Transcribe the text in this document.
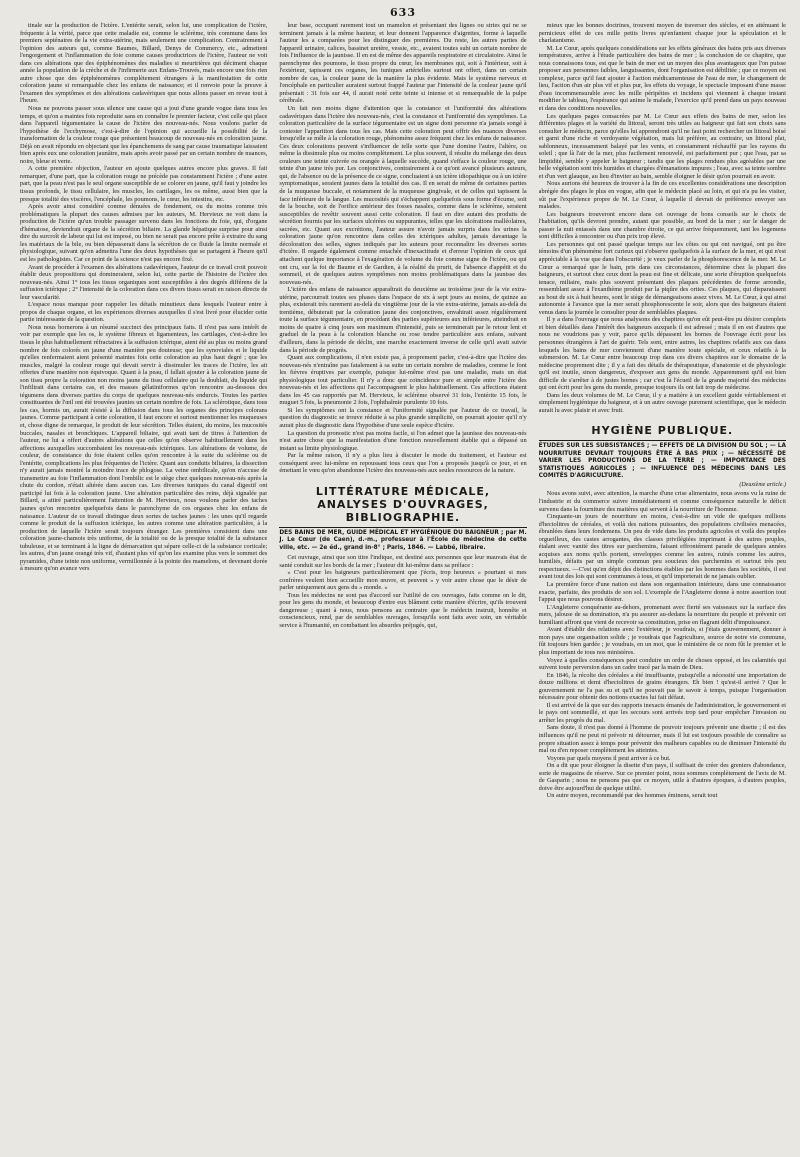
633

tinale sur la production de l'ictère. L'entérite serait, selon lui, une complication de l'ictère, fréquente à la vérité, parce que cette maladie est, comme le sclérème, très commune dans les premiers septénaires de la vie extra-utérine, mais seulement une complication. Contrairement à l'opinion des auteurs qui, comme Baumes, Billard, Denys de Commercy, etc., admettent l'engorgement et l'inflammation du foie comme causes productrices de l'ictère, l'auteur ne voit dans ces altérations que des épiphénomènes des maladies si meurtrières qui déciment chaque année la population de la crèche et de l'infirmerie aux Enfans-Trouvés, mais encore une fois rien autre chose que des épiphénomènes complètement étrangers à la manifestation de cette coloration jaune si remarquable chez les enfans de naissance; et il renvoie pour la preuve à l'examen des symptômes et des altérations cadavériques que nous allons passer en revue tout à l'heure.

Nous ne pouvons passer sous silence une cause qui a joui d'une grande vogue dans tous les temps, et qu'on a maintes fois reproduite sans en connaître le premier facteur, c'est celle qui place dans l'appareil tégumentaire la cause de l'ictère des nouveau-nés. Nous voulons parler de l'hypothèse de l'ecchymose, c'est-à-dire de l'opinion qui accueille la possibilité de la transformation de la couleur rouge que présentent beaucoup de nouveau-nés en coloration jaune. Déjà on avait répondu en objectant que les épanchemens de sang par cause traumatique laissaient bien après eux une coloration jaunâtre, mais après avoir passé par un certain nombre de nuances, noire, bleue et verte.

A cette première objection, l'auteur en ajoute quelques autres encore plus graves. Il fait remarquer, d'une part, que la coloration rouge ne précède pas constamment l'ictère ; d'une autre part, que la peau n'est pas le seul organe susceptible de se colorer en jaune, qu'il faut y joindre les tissus profonds, le tissu cellulaire, les muscles, les cartilages, les os même, aussi bien que la presque totalité des viscères, l'encéphale, les poumons, le cœur, les intestins, etc.

Après avoir ainsi considéré comme dénuées de fondement, ou du moins comme très problématiques la plupart des causes admises par les auteurs, M. Hervieux ne voit dans la production de l'ictère qu'un trouble passager survenu dans les fonctions du foie, qui, d'organe d'hématose, deviendrait organe de la sécrétion biliaire. La glande hépatique surprise pour ainsi dire du surcroît de labeur qui lui est imposé, ou bien ne serait pas encore prête à extraire du sang les matériaux de la bile, ou bien dépasserait dans la sécrétion de ce fluide la limite normale et physiologique, suivant qu'on admettra l'une des deux hypothèses que se partagent à l'heure qu'il est les pathologistes. Car ce point de la science n'est pas encore fixé.

Avant de procéder à l'examen des altérations cadavériques, l'auteur de ce travail croit pouvoir établir deux propositions qui domineraient, selon lui, cette partie de l'histoire de l'ictère des nouveau-nés. Ainsi 1° tous les tissus organiques sont susceptibles à des degrés différens de la suffusion ictérique ; 2° l'intensité de la coloration dans ces divers tissus serait en raison directe de leur vascularité.

L'espace nous manque pour rappeler les détails minutieux dans lesquels l'auteur entre à propos de chaque organe, et les expériences diverses auxquelles il s'est livré pour élucider cette partie intéressante de la question.

Nous nous bornerons à un résumé succinct des principaux faits. Il n'est pas sans intérêt de voir par exemple que les os, le système fibreux et ligamenteux, les cartilages, c'est-à-dire les tissus le plus habituellement réfractaires à la suffusion ictérique, aient été au plus ou moins grand nombre de fois colorés en jaune d'une manière peu douteuse; que les synoviales et le liquide qu'elles renfermaient aient présenté maintes fois cette coloration au plus haut degré ; que les muscles, malgré la couleur rouge qui devait servir à dissimuler les traces de l'ictère, les ait offertes d'une manière non équivoque. Quant à la peau, il fallait ajouter à la coloration jaune de son tissu propre la coloration non moins jaune du tissu cellulaire qui la doublait, du liquide qui l'infiltrait dans certains cas, et des masses gélatiniformes qu'on rencontre au-dessous des tégumens dans diverses parties du corps de quelques nouveau-nés endurcis. Toutes les parties constituantes de l'œil ont été trouvées jaunies un certain nombre de fois. La sclérotique, dans tous les cas, hormis un, aurait résisté à la diffusion dans tous les organes des principes colorans jaunes. Comme participant à cette coloration, il faut encore et surtout mentionner les muqueuses et, chose digne de remarque, le produit de leur sécrétion. Telles étaient, du moins, les mucosités buccales, nasales et bronchiques. L'appareil biliaire, qui avait tant de titres à l'attention de l'auteur, ne lui a offert d'autres altérations que celles qu'on observe habituellement dans les affections auxquelles succombaient les nouveau-nés ictériques. Les altérations de volume, de couleur, de consistance du foie étaient celles qu'on rencontre à la suite du sclérème ou de l'entérite, complications les plus fréquentes de l'ictère. Quant aux conduits biliaires, la dissection n'y aurait jamais montré la moindre trace de phlogose. La veine ombilicale, qu'on n'accuse de transmettre au foie l'inflammation dont l'ombilic est le siège chez quelques nouveau-nés après la chute du cordon, n'était altérée dans aucun cas. Les diverses tuniques du canal digestif ont participé lui fois à la coloration jaune. Une altération particulière des reins, déjà signalée par Billard, a attiré particulièrement l'attention de M. Hervieux, nous voulons parler des taches jaunes qu'on rencontre quelquefois dans le parenchyme de ces organes chez les enfans de naissance. L'auteur de ce travail distingue deux sortes de taches jaunes : les unes qu'il regarde comme le produit de la suffusion ictérique, les autres comme une altération particulière, à la production de laquelle l'ictère serait toujours étranger. Les premières consistent dans une coloration jaune-chamois très uniforme, de la totalité ou de la presque totalité de la substance tubuleuse, et se terminant à la ligne de démarcation qui sépare celle-ci de la substance corticale; les autres, d'un jaune orangé très vif, d'autant plus vif qu'on les examine plus vers le sommet des pyramides, d'une teinte non uniforme, vermillonnée à la pointe des mamelons, et devenant dorée à mesure qu'on avance vers

leur base, occupant rarement tout un mamelon et présentant des lignes ou stries qui ne se terminent jamais à la même hauteur, et leur donnent l'apparence d'aigrettes, forme à laquelle l'auteur les a comparées pour les distinguer des premières. Du reste, les autres parties de l'appareil urinaire, calices, bassinet uretère, vessie, etc., avaient toutes subi un certain nombre de fois l'influence de la jaunisse. Il en est de même des appareils respiratoire et circulatoire. Ainsi le parenchyme des poumons, le tissu propre du cœur, les membranes qui, soit à l'intérieur, soit à l'extérieur, tapissent ces organes, les tuniques artérielles surtout ont offert, dans un certain nombre de cas, la couleur jaune de la manière la plus évidente. Mais le système nerveux et l'encéphale en particulier auraient surtout frappé l'auteur par l'intensité de la couleur jaune qu'il présentait : 31 fois sur 44, il aurait noté cette teinte si intense et si remarquable de la pulpe cérébrale.

Un fait non moins digne d'attention que la constance et l'uniformité des altérations cadavériques dans l'ictère des nouveau-nés, c'est la constance et l'uniformité des symptômes. La coloration particulière de la surface tégumentaire est un signe dont personne n'a jamais songé à contester l'apparition dans tous les cas. Mais cette coloration peut offrir des nuances diverses lorsqu'elle se mêle à la coloration rouge, phénomène assez fréquent chez les enfans de naissance. Ces deux colorations peuvent s'influencer de telle sorte que l'une domine l'autre, l'altère, ou même la dissimule plus ou moins complètement. Le plus souvent, il résulte du mélange des deux couleurs une teinte cuivrée ou orangée à laquelle succède, quand s'efface la couleur rouge, une teinte d'un jaune très pur. Les conjonctives, contrairement à ce qu'ont avancé plusieurs auteurs, qui, de l'absence ou de la présence de ce signe, concluaient à un ictère idiopathique ou à un ictère symptomatique, seraient jaunes dans la totalité des cas. Il en serait de même de certaines parties de la muqueuse buccale, et notamment de la muqueuse gingivale, et de celles qui tapissent la face inférieure de la langue. Les mucosités qui s'échappent quelquefois sous forme d'écume, soit de la bouche, soit de l'orifice antérieur des fosses nasales, comme dans le sclérème, seraient susceptibles de revêtir souvent aussi cette coloration. Il faut en dire autant des produits de sécrétion fournis par les surfaces ulcérées ou suppurantes, telles que les ulcérations malléolaires, sacrées, etc. Quant aux excrétions, l'auteur assure n'avoir jamais surpris dans les urines la coloration jaune qu'on rencontre dans celles des ictériques adultes, jamais davantage la décoloration des selles, signes indiqués par les auteurs pour reconnaître les diverses sortes d'ictère. Il regarde également comme entachée d'inexactitude et d'erreur l'opinion de ceux qui attachent quelque importance à l'exagération de volume du foie comme signe de l'ictère, ou qui ont cru, sur la foi de Baume et de Gardien, à la réalité du prurit, de l'absence d'appétit et du sommeil, et de quelques autres symptômes non moins problématiques dans la jaunisse des nouveau-nés.

L'ictère des enfans de naissance apparaîtrait du deuxième au troisième jour de la vie extra-utérine, parcourrait toutes ses phases dans l'espace de six à sept jours au moins, de quinze au plus, existerait très rarement au-delà du vingtième jour de la vie extra-utérine, jamais au-delà du trentième, débuterait par la coloration jaune des conjonctives, envahirait assez régulièrement toute la surface tégumentaire, en procédant des parties supérieures aux inférieures, atteindrait en moins de quatre à cinq jours son maximum d'intensité, puis se terminerait par le retour lent et graduel de la peau à la coloration blanche ou rose tendre particulière aux enfans, suivant d'ailleurs, dans la période de déclin, une marche exactement inverse de celle qu'il avait suivie dans la période de progrès.

Quant aux complications, il n'en existe pas, à proprement parler, c'est-à-dire que l'ictère des nouveau-nés n'entraîne pas fatalement à sa suite un certain nombre de maladies, comme le font les fièvres éruptives par exemple, puisque lui-même n'est pas une maladie, mais un état physiologique tout particulier. Il n'y a donc que coïncidence pure et simple entre l'ictère des nouveau-nés et les affections qui l'accompagnent le plus habituellement. Ces affections étaient dans les 45 cas rapportés par M. Hervieux, le sclérème observé 31 fois, l'entérite 15 fois, le muguet 5 fois, la pneumonie 2 fois, l'ophthalmie purulente 10 fois.

Si les symptômes ont la constance et l'uniformité signalée par l'auteur de ce travail, la question du diagnostic se trouve réduite à sa plus grande simplicité, on pourrait ajouter qu'il n'y aurait plus de diagnostic dans l'hypothèse d'une seule espèce d'ictère.

La question du pronostic n'est pas moins facile, si l'on admet que la jaunisse des nouveau-nés n'est autre chose que la manifestation d'une fonction nouvellement établie qui a dépassé un instant sa limite physiologique.

Par la même raison, il n'y a plus lieu à discuter le mode du traitement, et l'auteur est conséquent avec lui-même en repoussant tous ceux que l'on a proposés jusqu'à ce jour, et en émettant le vœu qu'on abandonne l'ictère des nouveau-nés aux seules ressources de la nature.

LITTÉRATURE MÉDICALE, ANALYSES D'OUVRAGES, BIBLIOGRAPHIE.
DES BAINS DE MER, GUIDE MÉDICAL ET HYGIÉNIQUE DU BAIGNEUR ; par M. J. Le Cœur (de Caen), d.-m., professeur à l'École de médecine de cette ville, etc. — 2e éd., grand in-8° ; Paris, 1846. — Labbé, libraire.

Cet ouvrage, ainsi que son titre l'indique, est destiné aux personnes que leur mauvais état de santé conduit sur les bords de la mer ; l'auteur dit lui-même dans sa préface :

« C'est pour les baigneurs particulièrement que j'écris, trop heureux » pourtant si mes confrères veulent bien accueillir mon œuvre, et peuvent » y voir autre chose que le désir de parler uniquement aux gens du » monde. »

Tous les médecins ne sont pas d'accord sur l'utilité de ces ouvrages, faits comme on le dit, pour les gens du monde, et beaucoup d'entre eux blâment cette manière d'écrire, qu'ils trouvent dangereuse ; quant à nous, nous pensons au contraire que le médecin instruit, honnête et consciencieux, rend, par de semblables ouvrages, lorsqu'ils sont faits avec soin, un véritable service à l'humanité, en combattant les absurdes préjugés, qui,

mieux que les bonnes doctrines, trouvent moyen de traverser des siècles, et en atténuant le pernicieux effet de ces mille petits livres qu'enfantent chaque jour la spéculation et le charlatanisme.

M. Le Cœur, après quelques considérations sur les effets généraux des bains pris aux diverses températures, arrive à l'étude particulière des bains de mer ; la conclusion de ce chapitre, que nous connaissons tous, est que le bain de mer est un moyen des plus avantageux que l'on puisse proposer aux personnes faibles, languissantes, dont l'organisation est débilitée ; que ce moyen est complexe, parce qu'il faut ajouter à l'action médicamenteuse de l'eau de mer, le changement de lieu, l'action d'un air plus vif et plus pur, les effets du voyage, le spectacle imposant d'une masse d'eau incommensurable avec les mille péripéties et incidens qui viennent à chaque instant modifier le tableau, l'espérance qui anime le malade, l'exercice qu'il prend dans un pays nouveau et dans des conditions nouvelles.

Les quelques pages consacrées par M. Le Cœur aux effets des bains de mer, selon les différentes plages et la variété du littoral, seront très utiles au baigneur qui fait son choix sans consulter le médecin, parce qu'elles lui apprendront qu'il ne faut point rechercher un littoral boisé et garni d'une riche et verdoyante végétation, mais lui préférer, au contraire, un littoral plat, sablonneux, incessamment balayé par les vents, et constamment réchauffé par les rayons du soleil ; que là l'air de la mer, plus facilement renouvelé, est parfaitement pur ; que l'eau, par sa limpidité, semble y appeler le baigneur ; tandis que les plages rendues plus agréables par une belle végétation sont très humides et chargées d'émanations impures ; l'eau, avec sa teinte sombre et d'un vert glauque, au lieu d'inviter au bain, semble éloigner le désir qu'on pourrait en avoir.

Nous aurions été heureux de trouver à la fin de ces excellentes considérations une description abrégée des plages le plus en vogue, afin que le médecin placé au loin, et qui n'a pu les visiter, sût par l'expérience propre de M. Le Cœur, à laquelle il devrait de préférence envoyer ses malades.

Les baigneurs trouveront encore dans cet ouvrage de bons conseils sur le choix de l'habitation, qu'ils devront prendre, autant que possible, au bord de la mer ; sur le danger de passer la nuit entassés dans une chambre étroite, ce qui arrive fréquemment, tant les logemens sont difficiles à rencontrer ou d'un prix trop élevé.

Les personnes qui ont passé quelque temps sur les côtes ou qui ont navigué, ont pu être témoins d'un phénomène fort curieux qui s'observe quelquefois à la surface de la mer, et qui n'est appréciable à la vue que dans l'obscurité ; je veux parler de la phosphorescence de la mer. M. Le Cœur a remarqué que le bain, pris dans ces circonstances, détermine chez la plupart des baigneurs, et surtout chez ceux dont la peau est fine et délicate, une sorte d'éruption quelquefois tenace, miliaire, mais plus souvent présentant des plaques précédentes de forme arrondie, ressemblant assez à l'exanthème produit par la piqûre des orties. Ces plaques, qui disparaissent au bout de six à huit heures, sont le siège de démangeaisons assez vives. M. Le Cœur, à qui ainsi autonomie à l'avance que la mer serait phosphorescente le soir, alors que des baigneurs étaient venus dans la journée le consulter pour de semblables plaques.

Il y a dans l'ouvrage que nous analysons des chapitres qu'on eût peut-être pu désirer complets et bien détaillés dans l'intérêt des baigneurs auxquels il est adressé ; mais il en est d'autres que nous ne voudrions pas y voir, parce qu'ils dépassent les bornes de l'ouvrage écrit pour les personnes étrangères à l'art de guérir. Tels sont, entre autres, les chapitres relatifs aux cas dans lesquels les bains de mer conviennent d'une manière toute spéciale, et ceux relatifs à la submersion. M. Le Cœur entre beaucoup trop dans ces divers chapitres sur le domaine de la médecine proprement dite ; il y a fait des détails de thérapeutique, d'anatomie et de physiologie qu'il est inutile, sinon dangereux, d'exposer aux gens du monde. Apparemment qu'il est bien difficile de s'arrêter à de justes bornes ; car c'est là l'écueil de la grande majorité des médecins qui ont écrit pour les gens du monde, presque toujours ils ont fait trop de médecine.

Dans les deux volumes de M. Le Cœur, il y a matière à un excellent guide véritablement et simplement hygiénique du baigneur, et à un autre ouvrage purement scientifique, que le médecin aurait lu avec plaisir et avec fruit.

HYGIÈNE PUBLIQUE.
ÉTUDES SUR LES SUBSISTANCES ; — EFFETS DE LA DIVISION DU SOL ; — LA NOURRITURE DEVRAIT TOUJOURS ÊTRE À BAS PRIX ; — NÉCESSITÉ DE VARIER LES PRODUCTIONS DE LA TERRE ; — IMPORTANCE DES STATISTIQUES AGRICOLES ; — INFLUENCE DES MÉDECINS DANS LES COMITÉS D'AGRICULTURE.
(Deuxième article.)

Nous avons suivi, avec attention, la marche d'une crise alimentaire, nous avons vu la ruine de l'industrie et du commerce suivre immédiatement et comme conséquence naturelle le déficit survenu dans la fourniture des matières qui servent à la nourriture de l'homme.

Cinquante-un jours de nourriture en moins, c'est-à-dire un vide de quelques millions d'hectolitres de céréales, et voilà des nations puissantes, des populations civilisées menacées, ébranlées dans leurs fondemens. Un peu de vide dans les produits agricoles et voilà des peuples orgueilleux, des castes arrogantes, des classes privilégiées imprimant à des autres peuples, étalant avec vanité des titres sur parchemins, faisant effrontément parade de quelques années acquises aux noms qu'ils portent, enveloppes comme les autres, ruinés comme les autres, humiliés, défaits par un simple commun peu soucieux des parchemins et surtout très peu respectueux. —C'est qu'en dépit des distinctions établies par les hommes dans les sociétés, il est avant tout des lois qui sont communes à tous, et qu'il importerait de ne jamais oublier.

La première force d'une nation est dans son organisation intérieure, dans une connaissance exacte, parfaite, des produits de son sol. L'exemple de l'Angleterre donne à notre assertion tout l'appui que nous pouvons désirer.

L'Angleterre conquérante au-dehors, promenant avec fierté ses vaisseaux sur la surface des mers, jalouse de sa domination, n'a pu assurer au-dedans la nourriture du peuple et prévenir cet humiliant affront que vient de recevoir sa constitution, prise en flagrant délit d'impuissance.

Avant d'établir des relations avec l'extérieur, je voudrais, si j'étais gouvernement, donner à mon pays une organisation solide ; je voudrais que l'agriculture, source de notre vie commune, fût toujours bien gardée ; je voudrais, en un mot, que le ministère de ce nom fût le premier et le plus important de tous nos ministères.

Voyez à quelles conséquences peut conduire un ordre de choses opposé, et les calamités qui suivent toute perversion dans un cadre tracé par la main de Dieu.

En 1846, la récolte des céréales a été insuffisante, puisqu'elle a nécessité une importation de douze millions et demi d'hectolitres de grains étrangers. Eh bien ! qu'est-il arrivé ? Que le gouvernement ne l'a pas su et qu'il ne pouvait pas le savoir à temps, puisque l'organisation nécessaire pour obtenir des notions exactes lui fait défaut.

Il est arrivé de là que sur des rapports inexacts émanés de l'administration, le gouvernement et le pays ont sommeillé, et que les secours sont arrivés trop tard pour empêcher l'invasion ou arrêter les progrès du mal.

Sans doute, il n'est pas donné à l'homme de pouvoir toujours prévenir une disette ; il est des influences qu'il ne peut ni prévoir ni détourner, mais il lui est toujours possible de connaître sa propre situation assez à temps pour prévenir des malheurs capables ou de diminuer l'intensité du mal ou d'en reposer complètement les atteintes.

Voyons par quels moyens il peut arriver à ce but.

On a dit que pour éloigner la disette d'un pays, il suffisait de créer des greniers d'abondance, sorte de magasins de réserve. Sur ce premier point, nous sommes complètement de l'avis de M. de Gasparin ; nous ne pensons pas que ce moyen, utile à d'autres époques, à d'autres peuples, doive être aujourd'hui de quelque utilité.

Un autre moyen, recommandé par des hommes éminens, serait tout
